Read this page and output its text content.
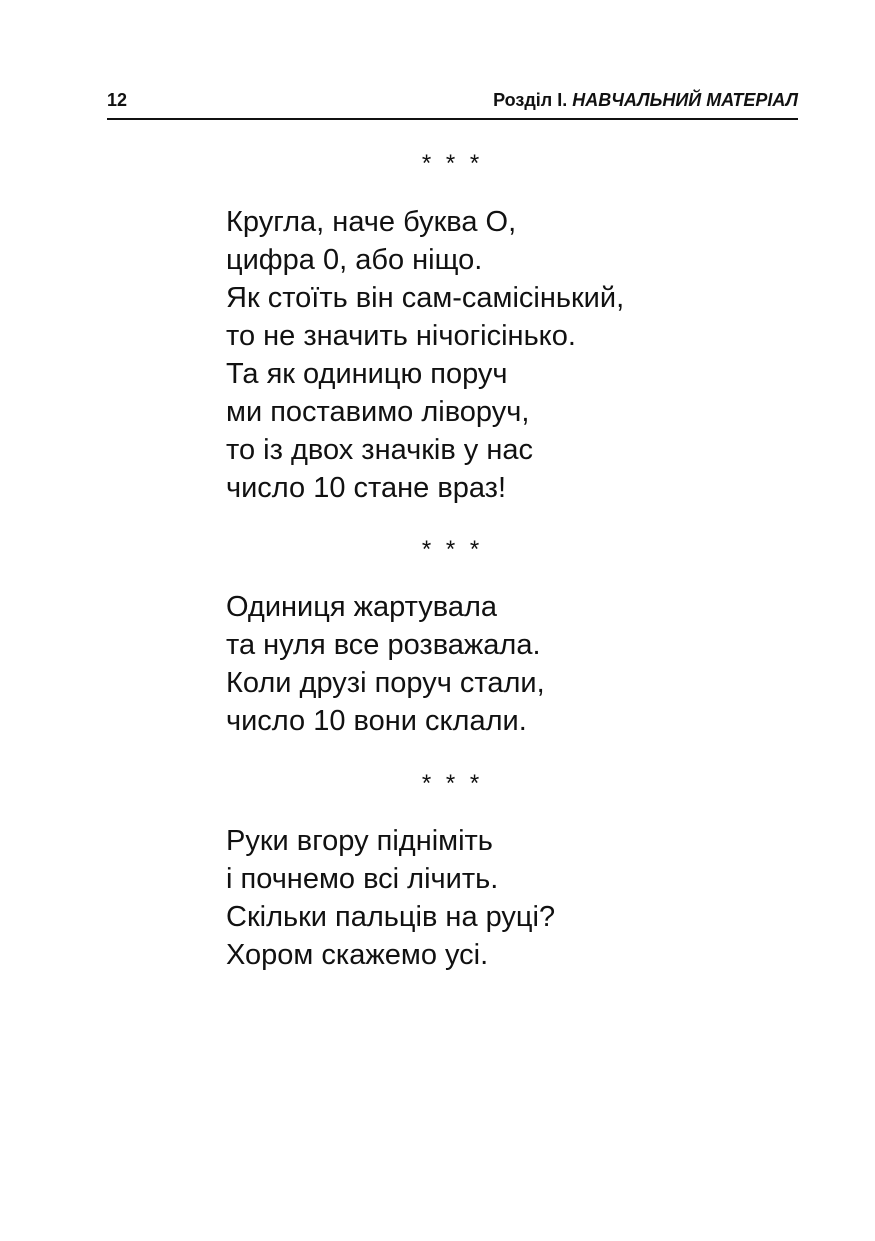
12	Розділ І. НАВЧАЛЬНИЙ МАТЕРІАЛ
* * *
Кругла, наче буква О,
цифра 0, або ніщо.
Як стоїть він сам-самісінький,
то не значить нічогісінько.
Та як одиницю поруч
ми поставимо ліворуч,
то із двох значків у нас
число 10 стане враз!
* * *
Одиниця жартувала
та нуля все розважала.
Коли друзі поруч стали,
число 10 вони склали.
* * *
Руки вгору підніміть
і почнемо всі лічить.
Скільки пальців на руці?
Хором скажемо усі.
